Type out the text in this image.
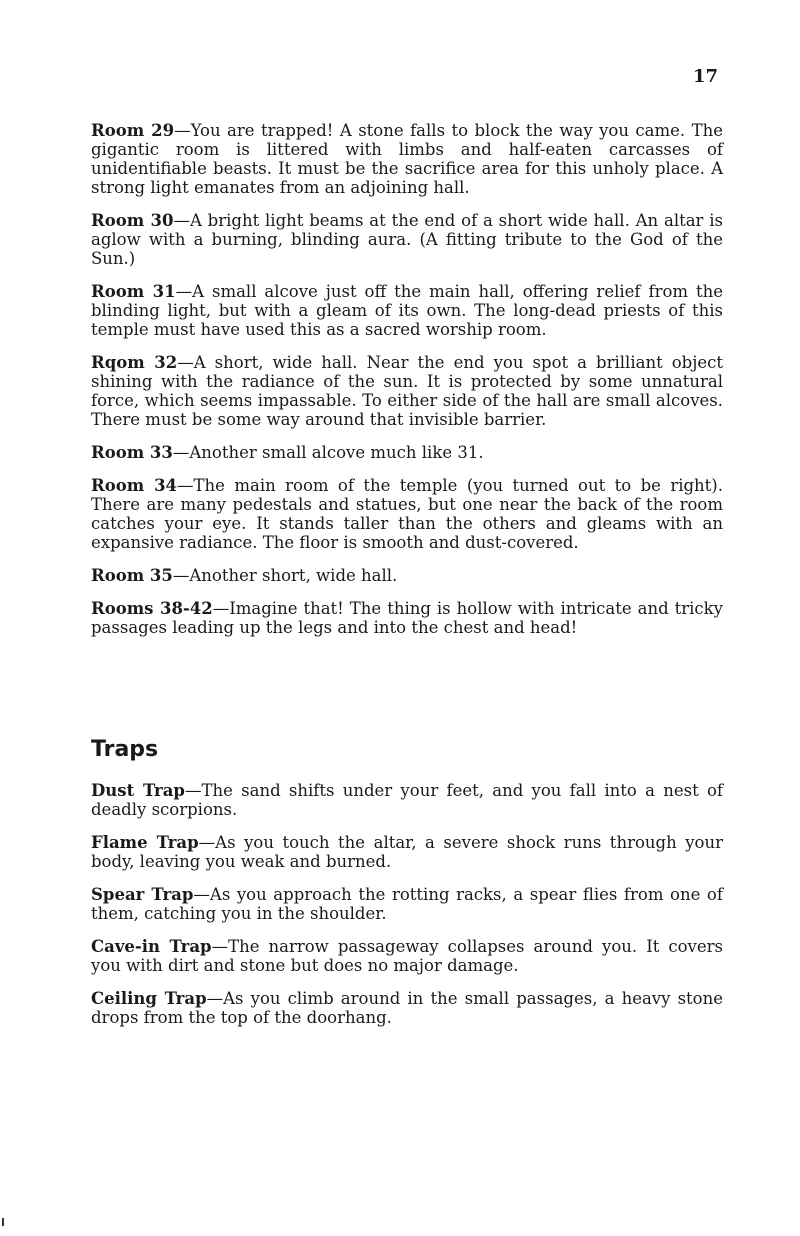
17

Room 29—You are trapped! A stone falls to block the way you came. The gigantic room is littered with limbs and half-eaten carcasses of unidentifiable beasts. It must be the sacrifice area for this unholy place. A strong light emanates from an adjoining hall.

Room 30—A bright light beams at the end of a short wide hall. An altar is aglow with a burning, blinding aura. (A fitting tribute to the God of the Sun.)

Room 31—A small alcove just off the main hall, offering relief from the blinding light, but with a gleam of its own. The long-dead priests of this temple must have used this as a sacred worship room.

Rqom 32—A short, wide hall. Near the end you spot a brilliant object shining with the radiance of the sun. It is protected by some unnatural force, which seems impassable. To either side of the hall are small alcoves. There must be some way around that invisible barrier.

Room 33—Another small alcove much like 31.

Room 34—The main room of the temple (you turned out to be right). There are many pedestals and statues, but one near the back of the room catches your eye. It stands taller than the others and gleams with an expansive radiance. The floor is smooth and dust-covered.

Room 35—Another short, wide hall.

Rooms 38-42—Imagine that! The thing is hollow with intricate and tricky passages leading up the legs and into the chest and head!

Traps

Dust Trap—The sand shifts under your feet, and you fall into a nest of deadly scorpions.

Flame Trap—As you touch the altar, a severe shock runs through your body, leaving you weak and burned.

Spear Trap—As you approach the rotting racks, a spear flies from one of them, catching you in the shoulder.

Cave-in Trap—The narrow passageway collapses around you. It covers you with dirt and stone but does no major damage.

Ceiling Trap—As you climb around in the small passages, a heavy stone drops from the top of the doorhang.
